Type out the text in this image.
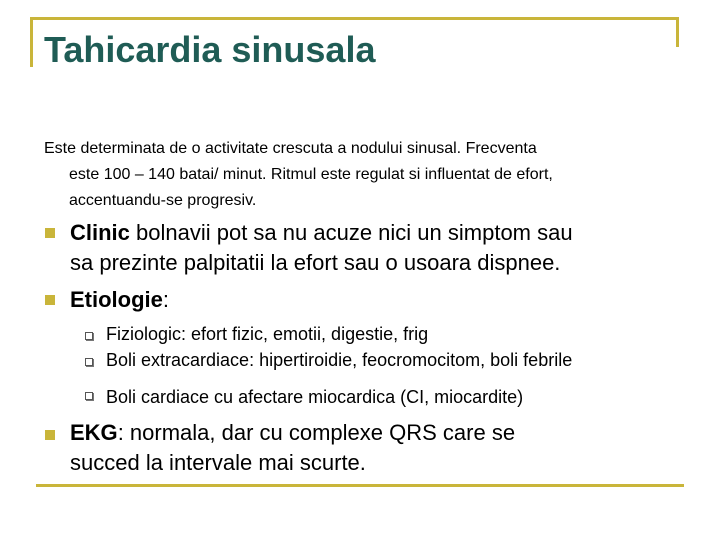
Tahicardia sinusala

Este determinata de o activitate crescuta a nodului sinusal. Frecventa
este 100 – 140 batai/ minut. Ritmul este regulat si influentat de efort,
accentuandu-se progresiv.

Clinic bolnavii pot sa nu acuze nici un simptom sau
sa prezinte palpitatii la efort sau o usoara dispnee.

Etiologie:

Fiziologic: efort fizic, emotii, digestie, frig

Boli extracardiace: hipertiroidie, feocromocitom, boli febrile

Boli cardiace cu afectare miocardica (CI, miocardite)

EKG: normala, dar cu complexe QRS care se
succed la intervale mai scurte.
